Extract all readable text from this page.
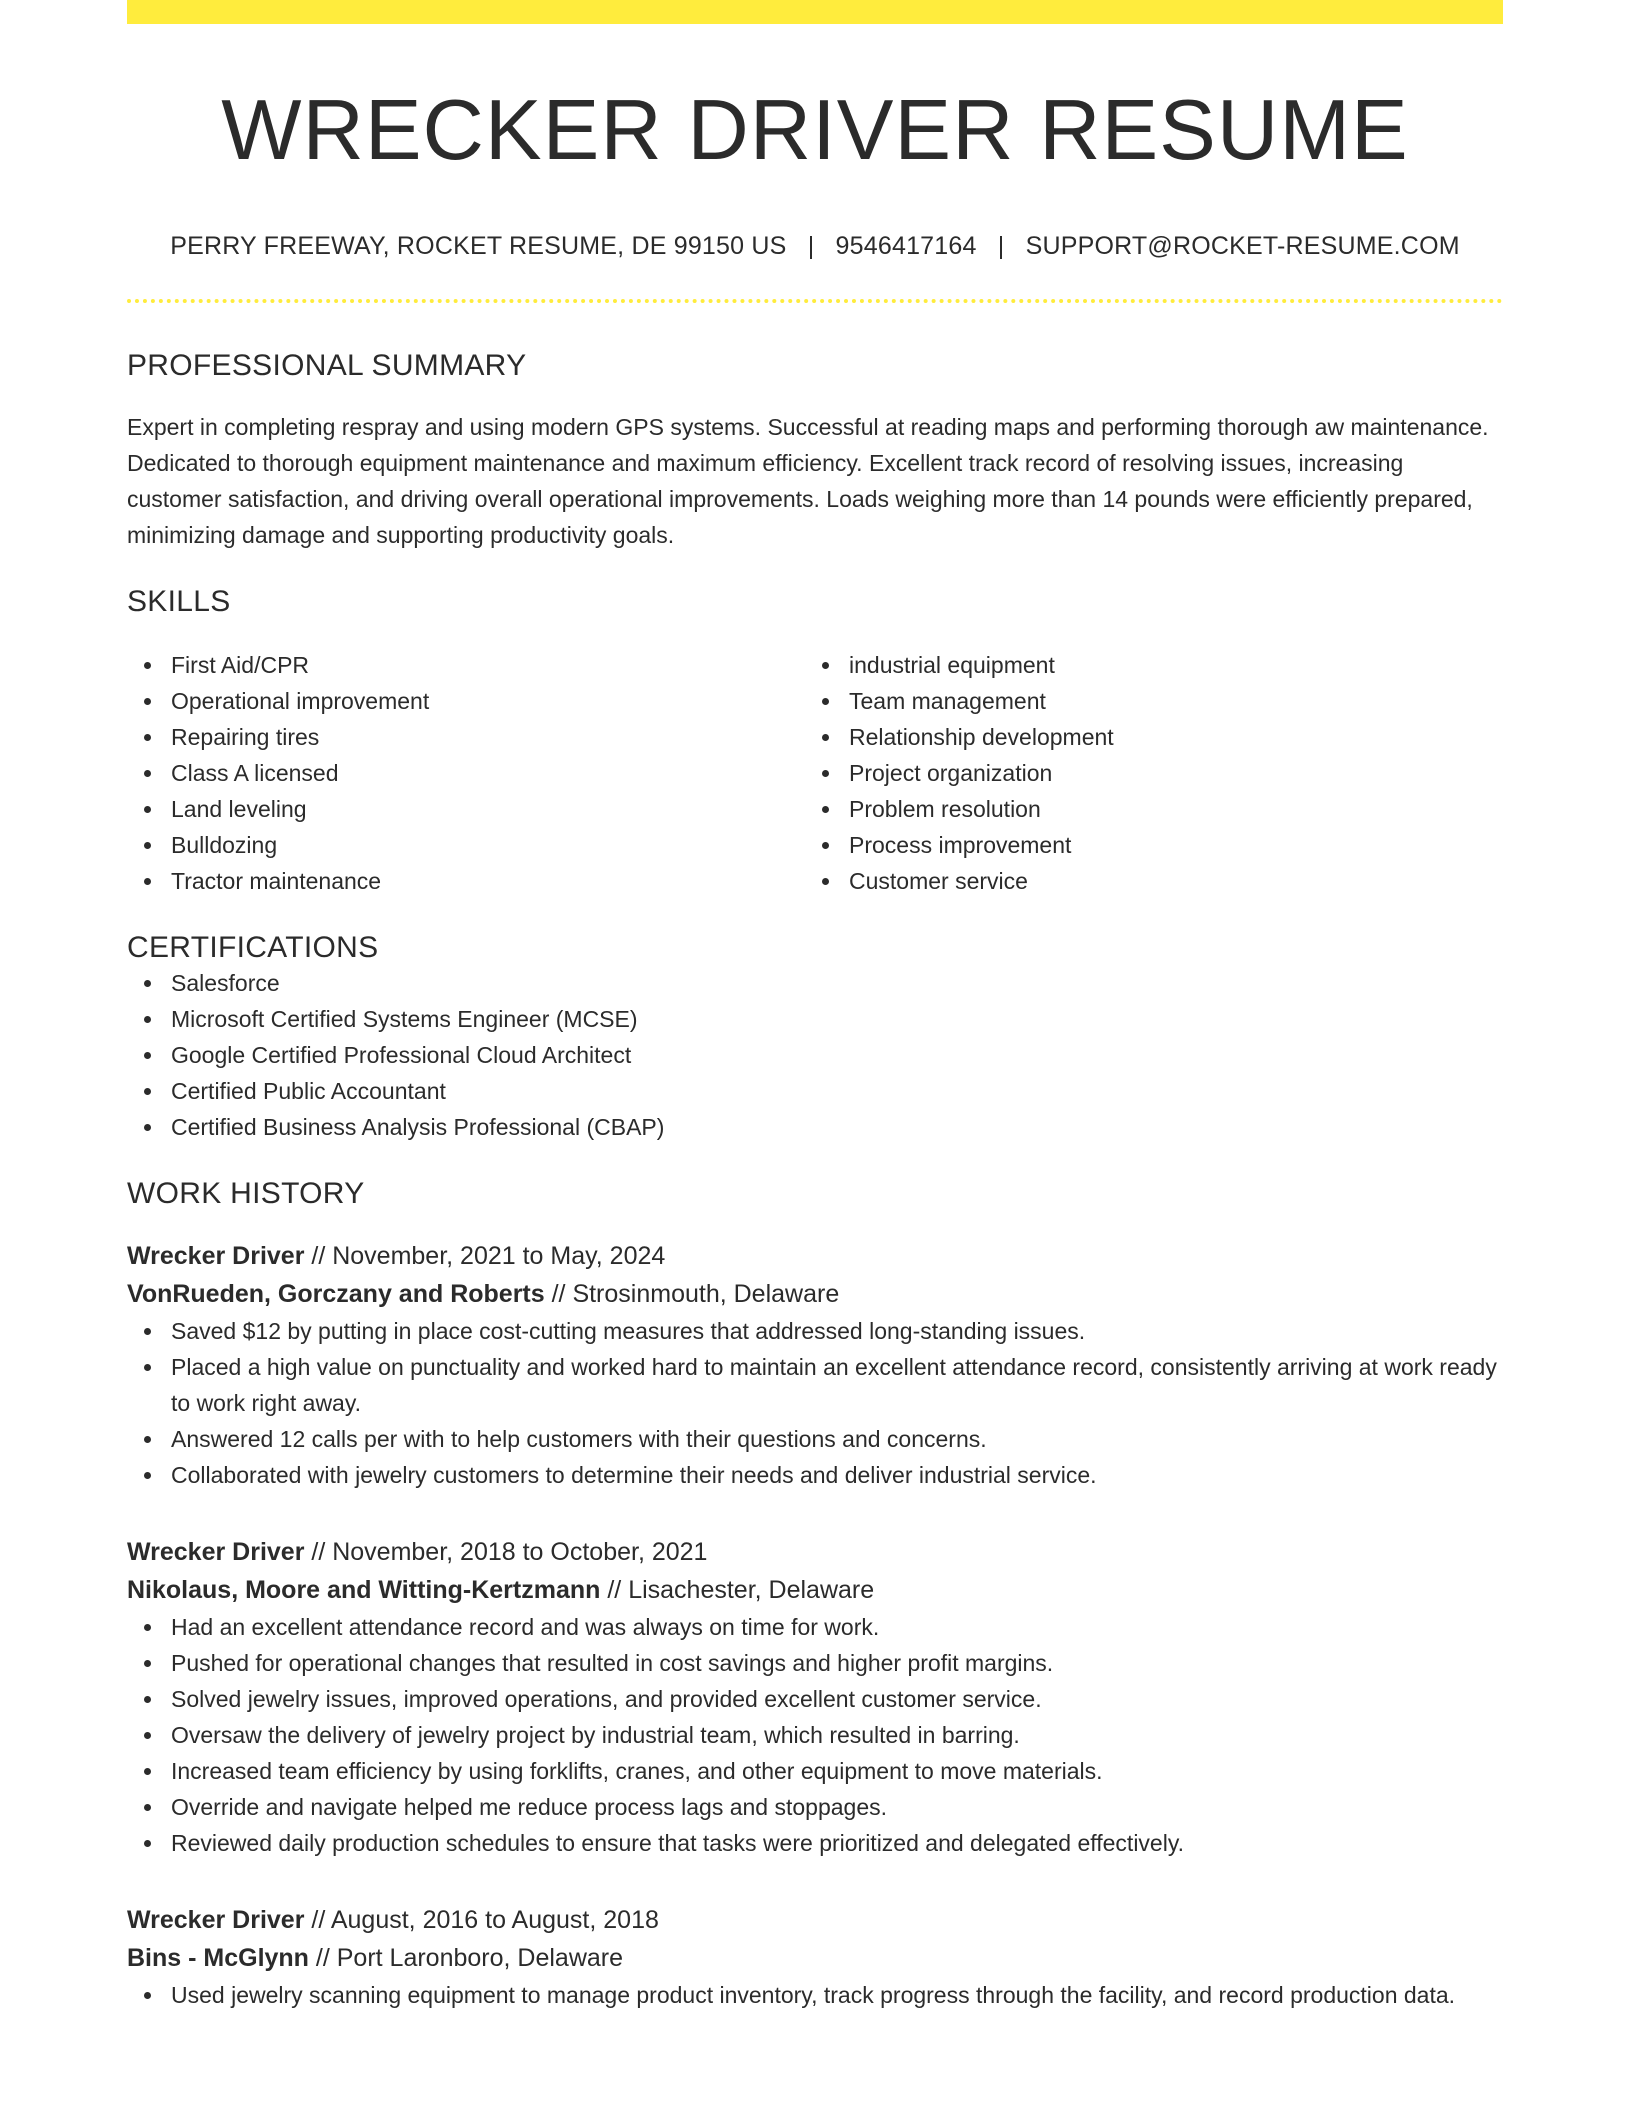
WRECKER DRIVER RESUME
PERRY FREEWAY, ROCKET RESUME, DE 99150 US | 9546417164 | SUPPORT@ROCKET-RESUME.COM
PROFESSIONAL SUMMARY

Expert in completing respray and using modern GPS systems. Successful at reading maps and performing thorough aw maintenance. Dedicated to thorough equipment maintenance and maximum efficiency. Excellent track record of resolving issues, increasing customer satisfaction, and driving overall operational improvements. Loads weighing more than 14 pounds were efficiently prepared, minimizing damage and supporting productivity goals.

SKILLS
First Aid/CPR
Operational improvement
Repairing tires
Class A licensed
Land leveling
Bulldozing
Tractor maintenance
industrial equipment
Team management
Relationship development
Project organization
Problem resolution
Process improvement
Customer service
CERTIFICATIONS
Salesforce
Microsoft Certified Systems Engineer (MCSE)
Google Certified Professional Cloud Architect
Certified Public Accountant
Certified Business Analysis Professional (CBAP)
WORK HISTORY
Wrecker Driver // November, 2021 to May, 2024
VonRueden, Gorczany and Roberts // Strosinmouth, Delaware
Saved $12 by putting in place cost-cutting measures that addressed long-standing issues.
Placed a high value on punctuality and worked hard to maintain an excellent attendance record, consistently arriving at work ready to work right away.
Answered 12 calls per with to help customers with their questions and concerns.
Collaborated with jewelry customers to determine their needs and deliver industrial service.
Wrecker Driver // November, 2018 to October, 2021
Nikolaus, Moore and Witting-Kertzmann // Lisachester, Delaware
Had an excellent attendance record and was always on time for work.
Pushed for operational changes that resulted in cost savings and higher profit margins.
Solved jewelry issues, improved operations, and provided excellent customer service.
Oversaw the delivery of jewelry project by industrial team, which resulted in barring.
Increased team efficiency by using forklifts, cranes, and other equipment to move materials.
Override and navigate helped me reduce process lags and stoppages.
Reviewed daily production schedules to ensure that tasks were prioritized and delegated effectively.
Wrecker Driver // August, 2016 to August, 2018
Bins - McGlynn // Port Laronboro, Delaware
Used jewelry scanning equipment to manage product inventory, track progress through the facility, and record production data.
